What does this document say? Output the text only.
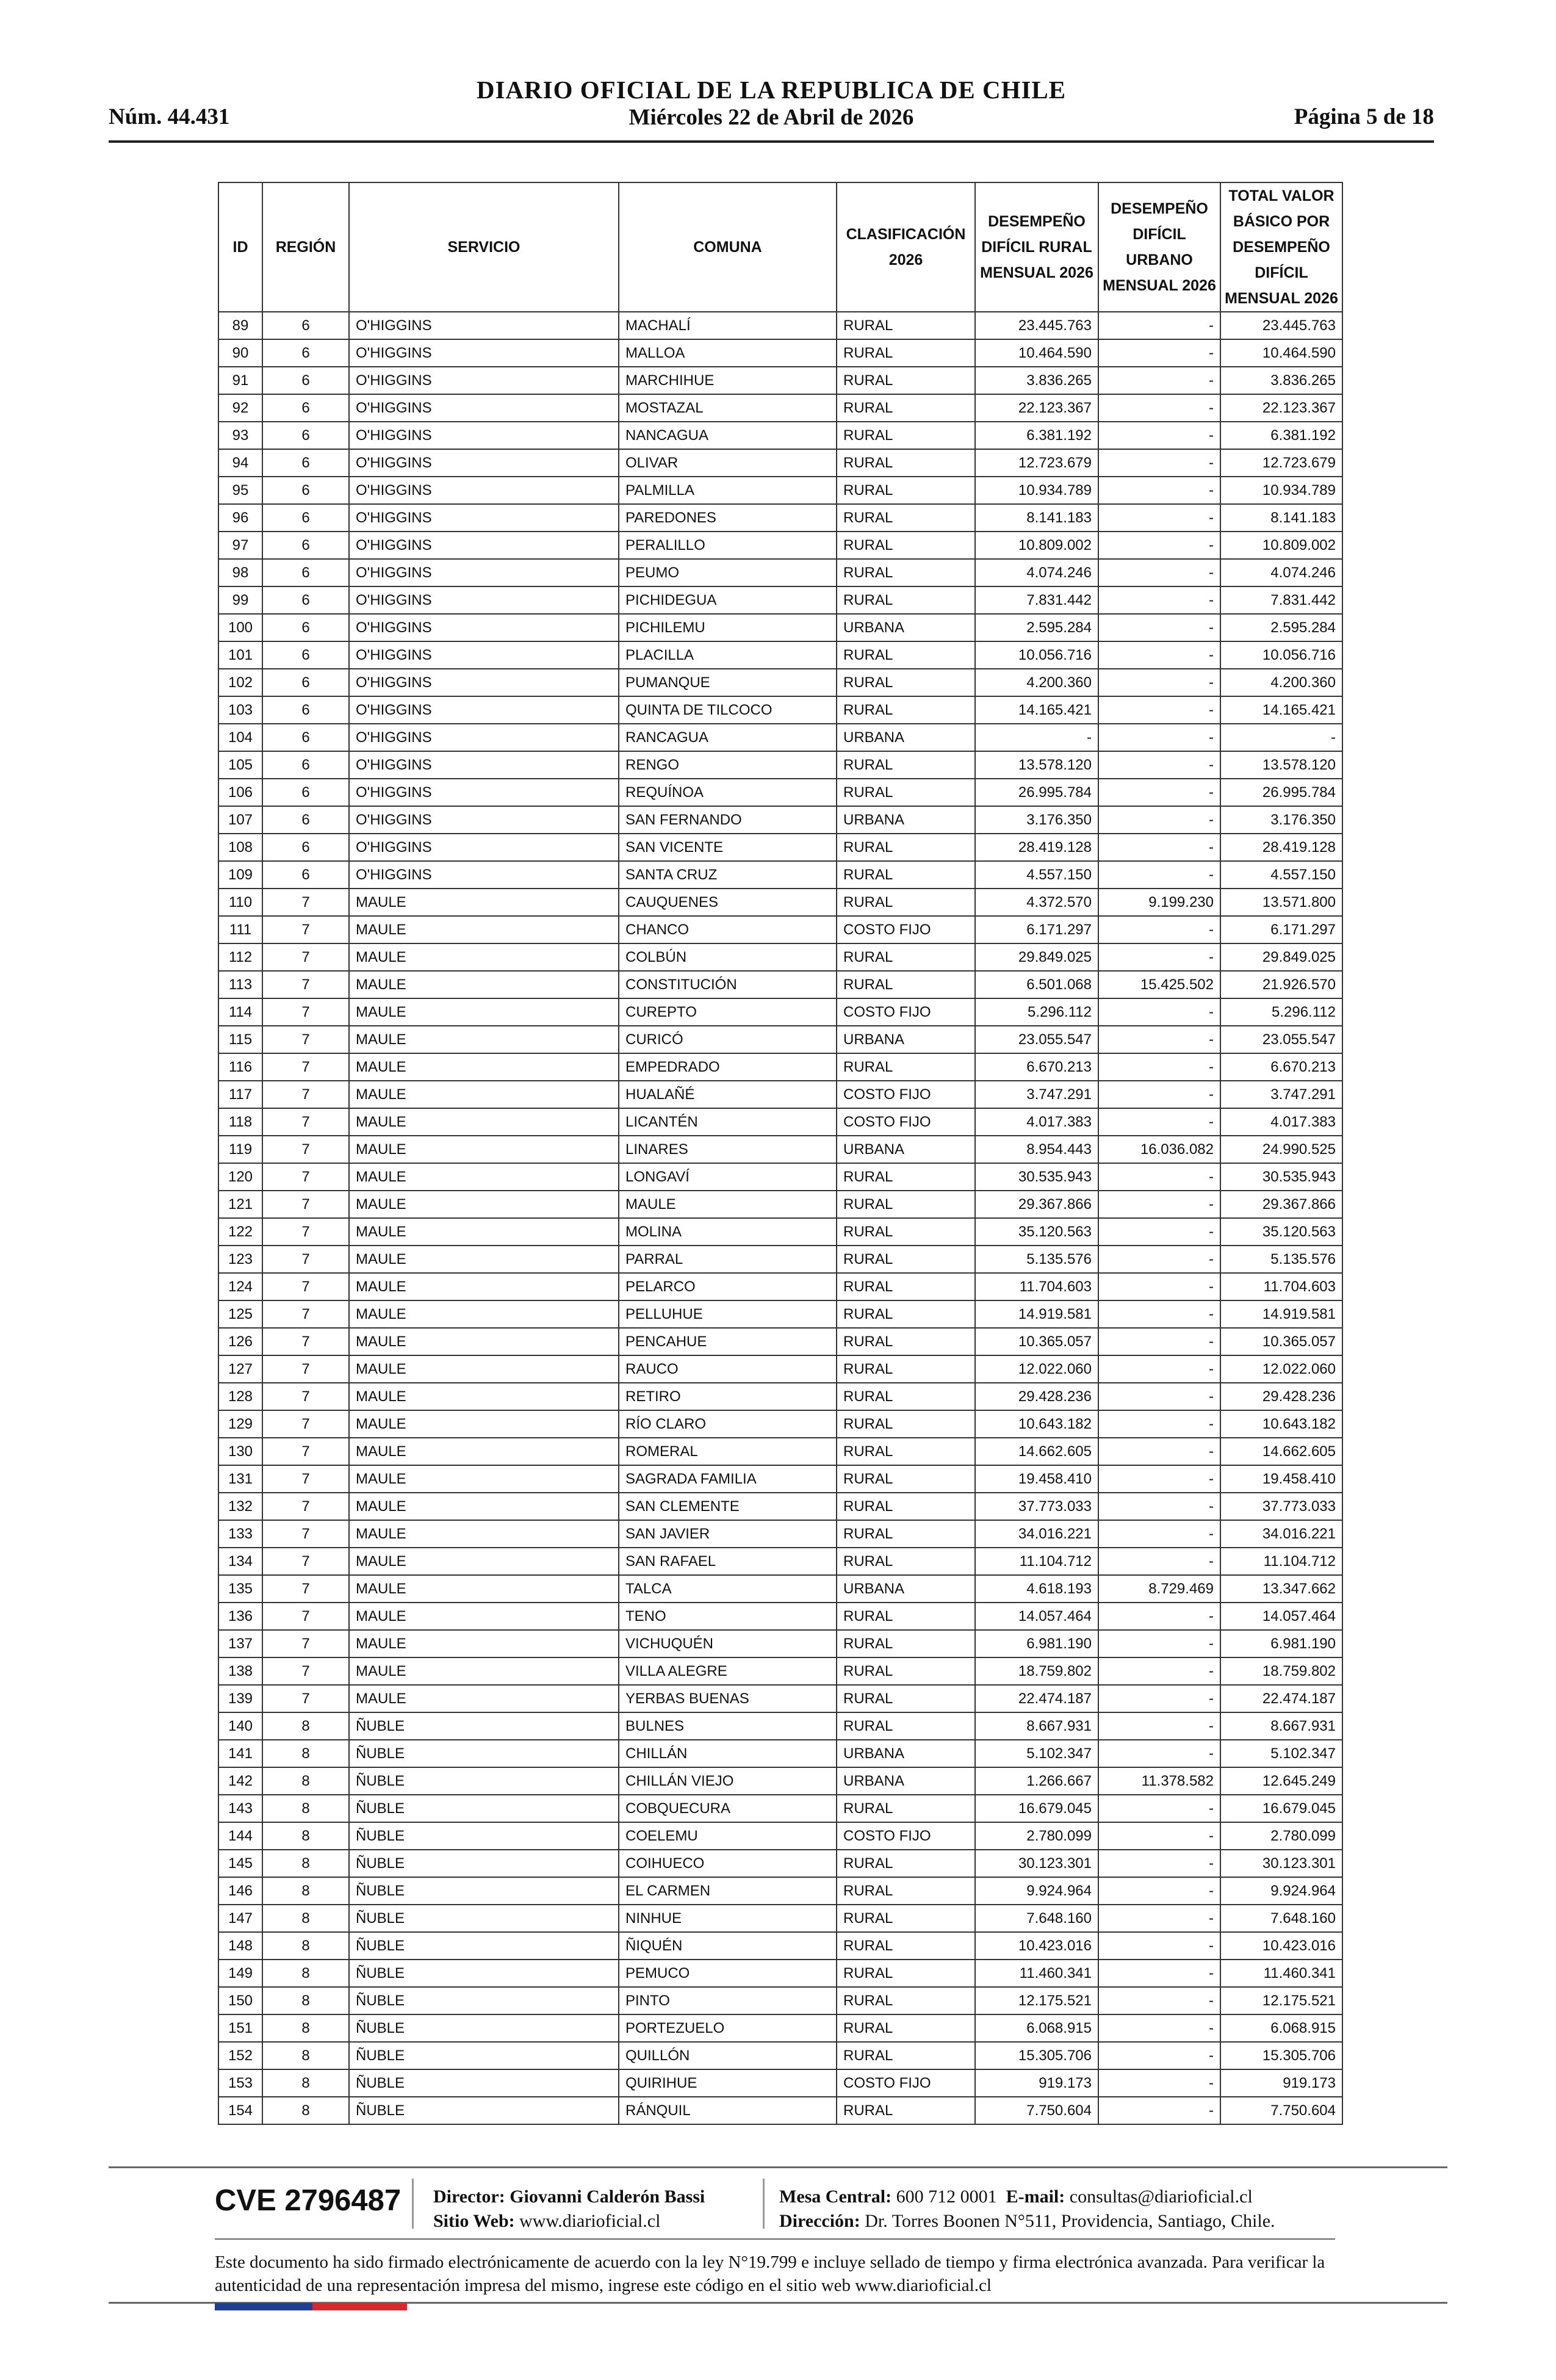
Núm. 44.431
DIARIO OFICIAL DE LA REPUBLICA DE CHILE
Miércoles 22 de Abril de 2026	Página 5 de 18
ID	REGIÓN	SERVICIO	COMUNA	CLASIFICACIÓN 2026	DESEMPEÑO DIFÍCIL RURAL MENSUAL 2026	DESEMPEÑO DIFÍCIL URBANO MENSUAL 2026	TOTAL VALOR BÁSICO POR DESEMPEÑO DIFÍCIL MENSUAL 2026
89	6	O'HIGGINS	MACHALÍ	RURAL	23.445.763	-	23.445.763
90	6	O'HIGGINS	MALLOA	RURAL	10.464.590	-	10.464.590
91	6	O'HIGGINS	MARCHIHUE	RURAL	3.836.265	-	3.836.265
92	6	O'HIGGINS	MOSTAZAL	RURAL	22.123.367	-	22.123.367
93	6	O'HIGGINS	NANCAGUA	RURAL	6.381.192	-	6.381.192
94	6	O'HIGGINS	OLIVAR	RURAL	12.723.679	-	12.723.679
95	6	O'HIGGINS	PALMILLA	RURAL	10.934.789	-	10.934.789
96	6	O'HIGGINS	PAREDONES	RURAL	8.141.183	-	8.141.183
97	6	O'HIGGINS	PERALILLO	RURAL	10.809.002	-	10.809.002
98	6	O'HIGGINS	PEUMO	RURAL	4.074.246	-	4.074.246
99	6	O'HIGGINS	PICHIDEGUA	RURAL	7.831.442	-	7.831.442
100	6	O'HIGGINS	PICHILEMU	URBANA	2.595.284	-	2.595.284
101	6	O'HIGGINS	PLACILLA	RURAL	10.056.716	-	10.056.716
102	6	O'HIGGINS	PUMANQUE	RURAL	4.200.360	-	4.200.360
103	6	O'HIGGINS	QUINTA DE TILCOCO	RURAL	14.165.421	-	14.165.421
104	6	O'HIGGINS	RANCAGUA	URBANA	-	-	-
105	6	O'HIGGINS	RENGO	RURAL	13.578.120	-	13.578.120
106	6	O'HIGGINS	REQUÍNOA	RURAL	26.995.784	-	26.995.784
107	6	O'HIGGINS	SAN FERNANDO	URBANA	3.176.350	-	3.176.350
108	6	O'HIGGINS	SAN VICENTE	RURAL	28.419.128	-	28.419.128
109	6	O'HIGGINS	SANTA CRUZ	RURAL	4.557.150	-	4.557.150
110	7	MAULE	CAUQUENES	RURAL	4.372.570	9.199.230	13.571.800
111	7	MAULE	CHANCO	COSTO FIJO	6.171.297	-	6.171.297
112	7	MAULE	COLBÚN	RURAL	29.849.025	-	29.849.025
113	7	MAULE	CONSTITUCIÓN	RURAL	6.501.068	15.425.502	21.926.570
114	7	MAULE	CUREPTO	COSTO FIJO	5.296.112	-	5.296.112
115	7	MAULE	CURICÓ	URBANA	23.055.547	-	23.055.547
116	7	MAULE	EMPEDRADO	RURAL	6.670.213	-	6.670.213
117	7	MAULE	HUALAÑÉ	COSTO FIJO	3.747.291	-	3.747.291
118	7	MAULE	LICANTÉN	COSTO FIJO	4.017.383	-	4.017.383
119	7	MAULE	LINARES	URBANA	8.954.443	16.036.082	24.990.525
120	7	MAULE	LONGAVÍ	RURAL	30.535.943	-	30.535.943
121	7	MAULE	MAULE	RURAL	29.367.866	-	29.367.866
122	7	MAULE	MOLINA	RURAL	35.120.563	-	35.120.563
123	7	MAULE	PARRAL	RURAL	5.135.576	-	5.135.576
124	7	MAULE	PELARCO	RURAL	11.704.603	-	11.704.603
125	7	MAULE	PELLUHUE	RURAL	14.919.581	-	14.919.581
126	7	MAULE	PENCAHUE	RURAL	10.365.057	-	10.365.057
127	7	MAULE	RAUCO	RURAL	12.022.060	-	12.022.060
128	7	MAULE	RETIRO	RURAL	29.428.236	-	29.428.236
129	7	MAULE	RÍO CLARO	RURAL	10.643.182	-	10.643.182
130	7	MAULE	ROMERAL	RURAL	14.662.605	-	14.662.605
131	7	MAULE	SAGRADA FAMILIA	RURAL	19.458.410	-	19.458.410
132	7	MAULE	SAN CLEMENTE	RURAL	37.773.033	-	37.773.033
133	7	MAULE	SAN JAVIER	RURAL	34.016.221	-	34.016.221
134	7	MAULE	SAN RAFAEL	RURAL	11.104.712	-	11.104.712
135	7	MAULE	TALCA	URBANA	4.618.193	8.729.469	13.347.662
136	7	MAULE	TENO	RURAL	14.057.464	-	14.057.464
137	7	MAULE	VICHUQUÉN	RURAL	6.981.190	-	6.981.190
138	7	MAULE	VILLA ALEGRE	RURAL	18.759.802	-	18.759.802
139	7	MAULE	YERBAS BUENAS	RURAL	22.474.187	-	22.474.187
140	8	ÑUBLE	BULNES	RURAL	8.667.931	-	8.667.931
141	8	ÑUBLE	CHILLÁN	URBANA	5.102.347	-	5.102.347
142	8	ÑUBLE	CHILLÁN VIEJO	URBANA	1.266.667	11.378.582	12.645.249
143	8	ÑUBLE	COBQUECURA	RURAL	16.679.045	-	16.679.045
144	8	ÑUBLE	COELEMU	COSTO FIJO	2.780.099	-	2.780.099
145	8	ÑUBLE	COIHUECO	RURAL	30.123.301	-	30.123.301
146	8	ÑUBLE	EL CARMEN	RURAL	9.924.964	-	9.924.964
147	8	ÑUBLE	NINHUE	RURAL	7.648.160	-	7.648.160
148	8	ÑUBLE	ÑIQUÉN	RURAL	10.423.016	-	10.423.016
149	8	ÑUBLE	PEMUCO	RURAL	11.460.341	-	11.460.341
150	8	ÑUBLE	PINTO	RURAL	12.175.521	-	12.175.521
151	8	ÑUBLE	PORTEZUELO	RURAL	6.068.915	-	6.068.915
152	8	ÑUBLE	QUILLÓN	RURAL	15.305.706	-	15.305.706
153	8	ÑUBLE	QUIRIHUE	COSTO FIJO	919.173	-	919.173
154	8	ÑUBLE	RÁNQUIL	RURAL	7.750.604	-	7.750.604
CVE 2796487 Director: Giovanni Calderón Bassi
Sitio Web: www.diarioficial.cl
Mesa Central: 600 712 0001 E-mail: consultas@diarioficial.cl
Dirección: Dr. Torres Boonen N°511, Providencia, Santiago, Chile.
Este documento ha sido firmado electrónicamente de acuerdo con la ley N°19.799 e incluye sellado de tiempo y firma electrónica avanzada. Para verificar la autenticidad de una representación impresa del mismo, ingrese este código en el sitio web www.diarioficial.cl
